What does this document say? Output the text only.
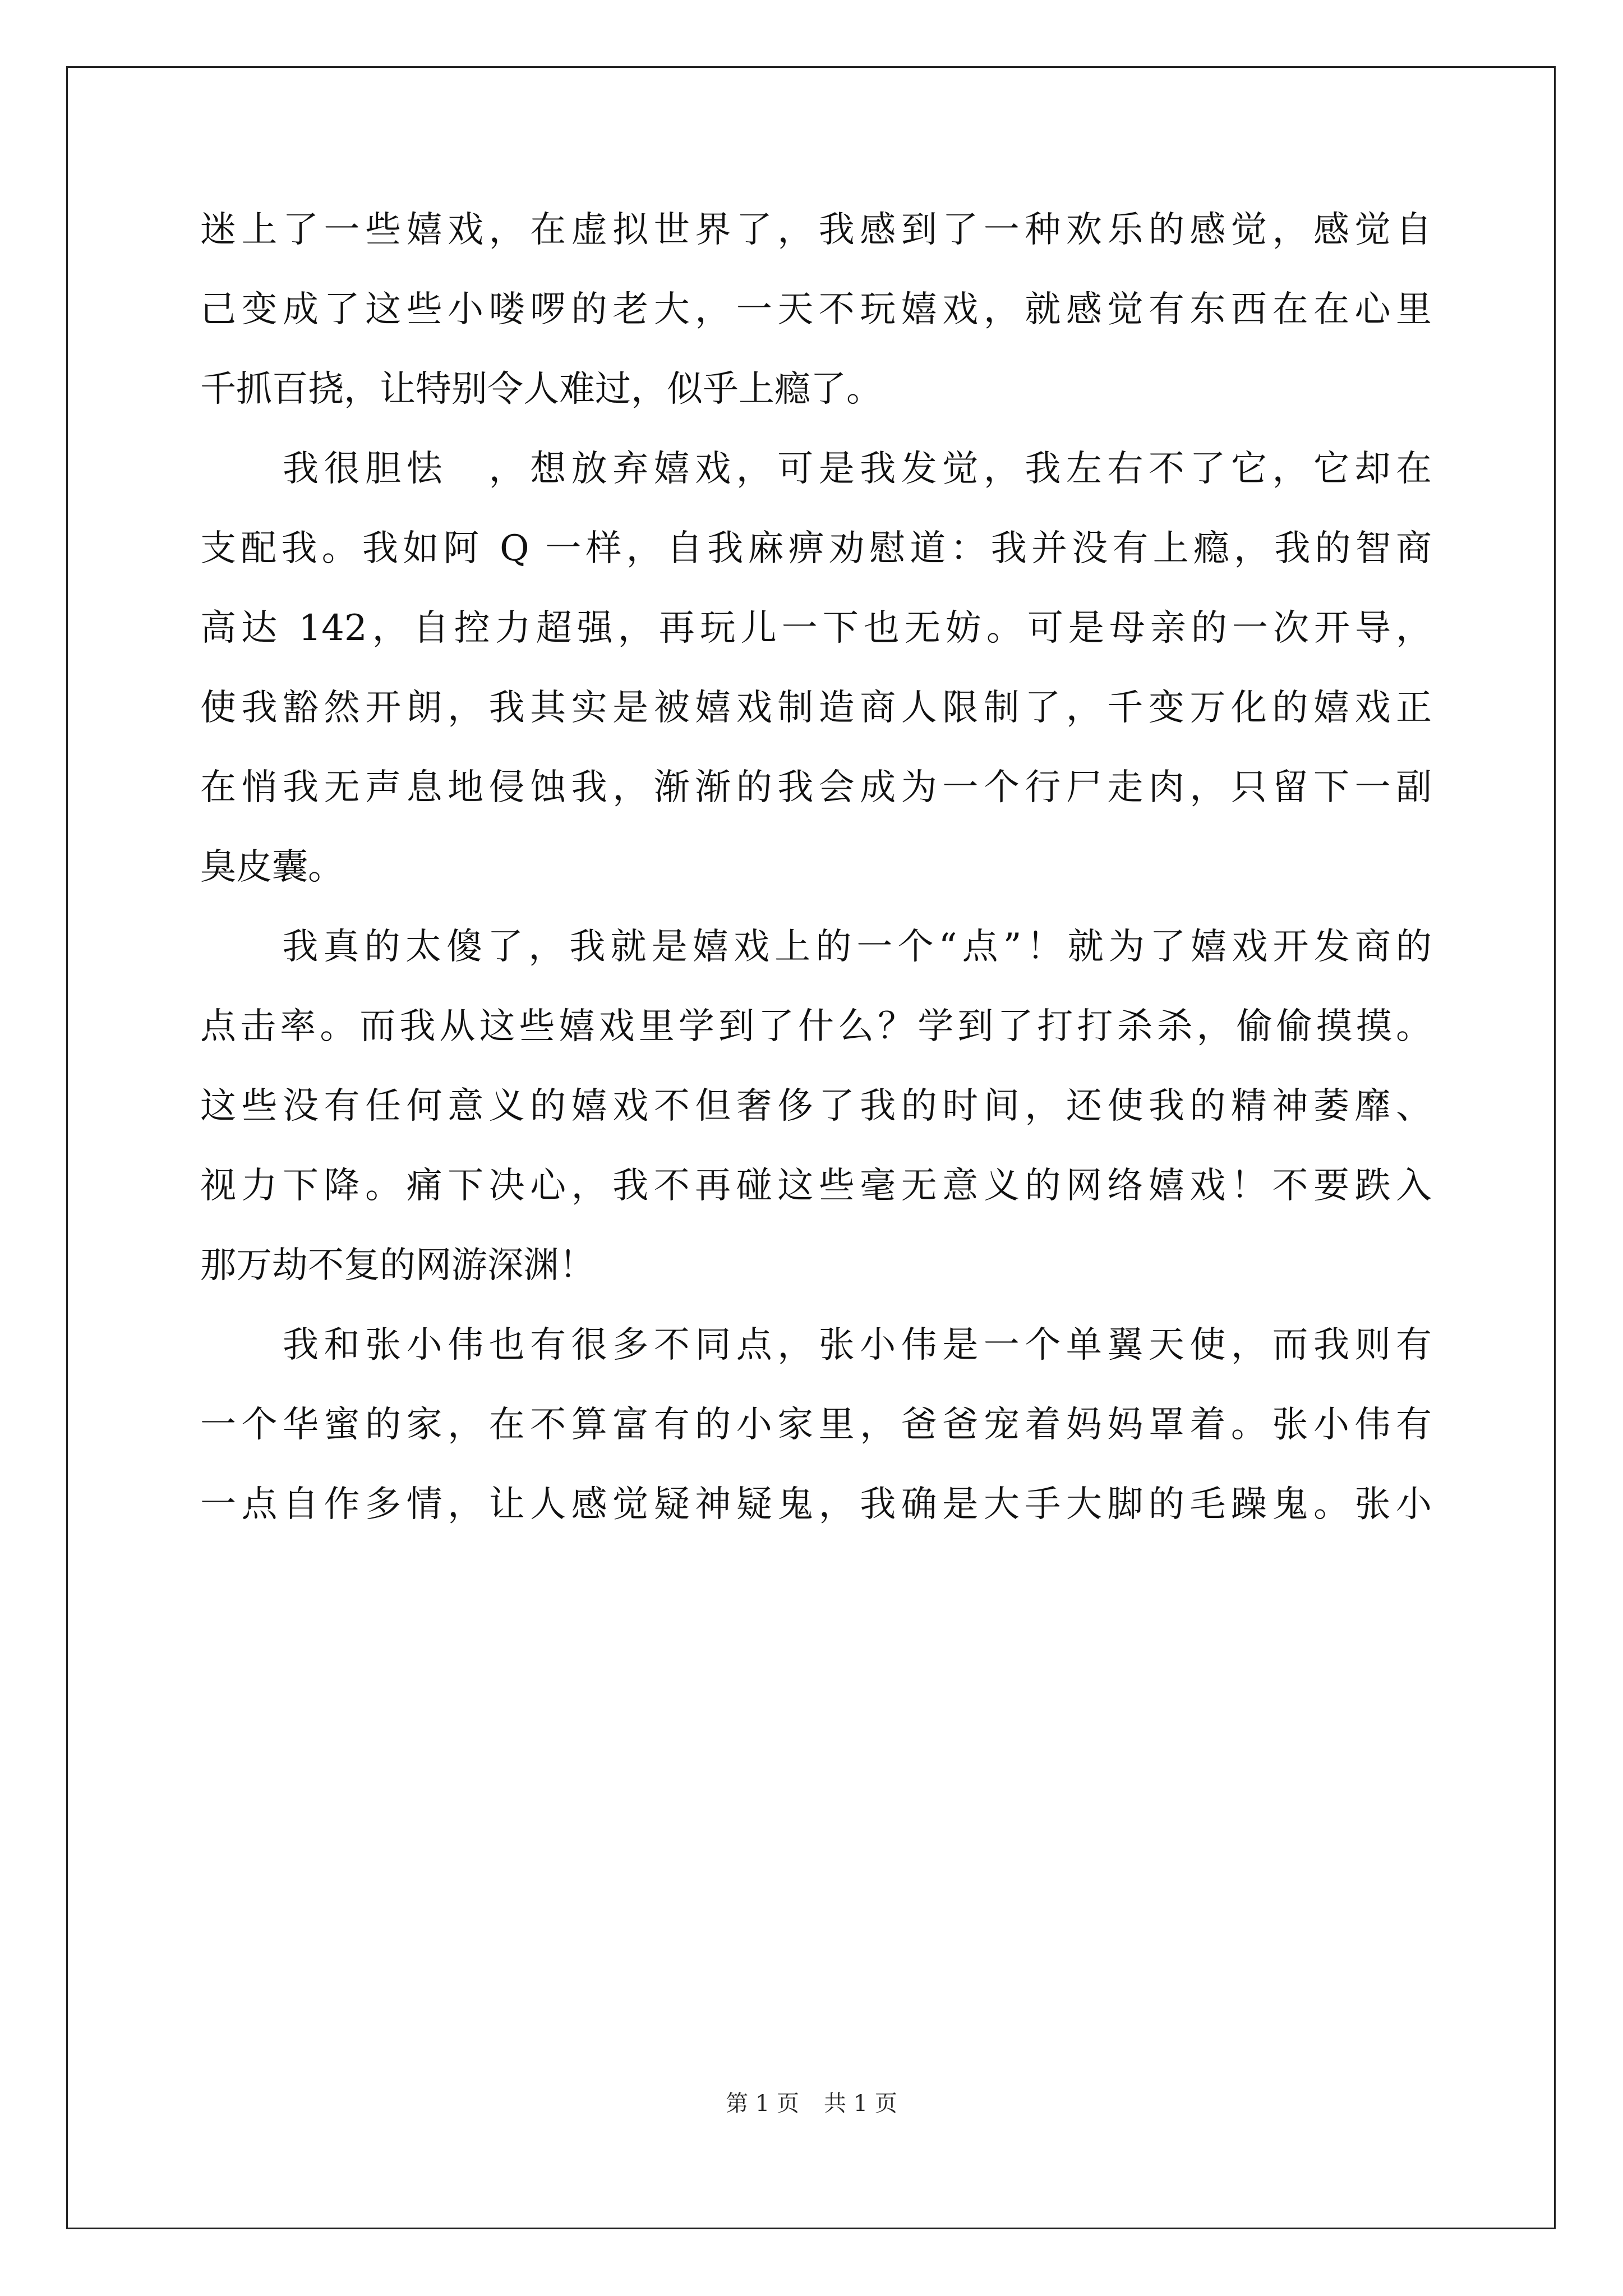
迷上了一些嬉戏，在虚拟世界了，我感到了一种欢乐的感觉，感觉自
己变成了这些小喽啰的老大，一天不玩嬉戏，就感觉有东西在在心里
千抓百挠，让特别令人难过，似乎上瘾了。
　　我很胆怯　，想放弃嬉戏，可是我发觉，我左右不了它，它却在
支配我。我如阿 Q 一样，自我麻痹劝慰道：我并没有上瘾，我的智商
高达 142，自控力超强，再玩儿一下也无妨。可是母亲的一次开导，
使我豁然开朗，我其实是被嬉戏制造商人限制了，千变万化的嬉戏正
在悄我无声息地侵蚀我，渐渐的我会成为一个行尸走肉，只留下一副
臭皮囊。
　　我真的太傻了，我就是嬉戏上的一个“点”！就为了嬉戏开发商的
点击率。而我从这些嬉戏里学到了什么？学到了打打杀杀，偷偷摸摸。
这些没有任何意义的嬉戏不但奢侈了我的时间，还使我的精神萎靡、
视力下降。痛下决心，我不再碰这些毫无意义的网络嬉戏！不要跌入
那万劫不复的网游深渊！
　　我和张小伟也有很多不同点，张小伟是一个单翼天使，而我则有
一个华蜜的家，在不算富有的小家里，爸爸宠着妈妈罩着。张小伟有
一点自作多情，让人感觉疑神疑鬼，我确是大手大脚的毛躁鬼。张小
第 1 页 共 1 页
